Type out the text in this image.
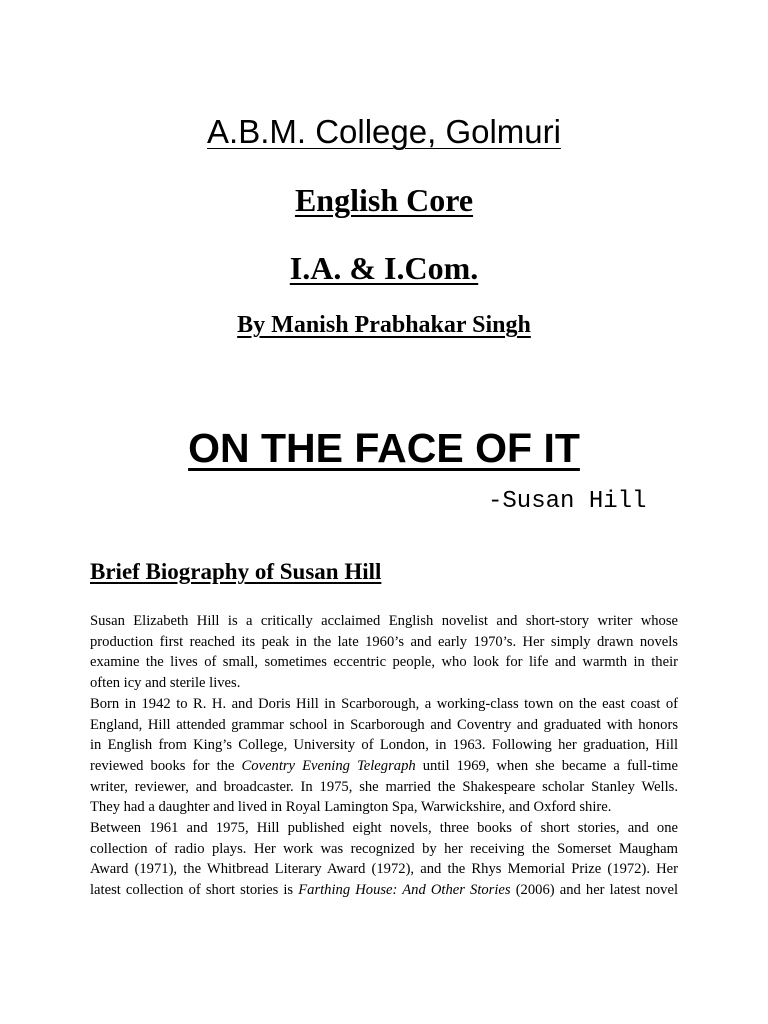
A.B.M. College, Golmuri
English Core
I.A. & I.Com.
By Manish Prabhakar Singh
ON THE FACE OF IT
-Susan Hill
Brief Biography of Susan Hill

Susan Elizabeth Hill is a critically acclaimed English novelist and short-story writer whose
production first reached its peak in the late 1960’s and early 1970’s. Her simply drawn novels
examine the lives of small, sometimes eccentric people, who look for life and warmth in their
often icy and sterile lives.

Born in 1942 to R. H. and Doris Hill in Scarborough, a working-class town on the east coast of
England, Hill attended grammar school in Scarborough and Coventry and graduated with honors
in English from King’s College, University of London, in 1963. Following her graduation, Hill
reviewed books for the Coventry Evening Telegraph until 1969, when she became a full-time
writer, reviewer, and broadcaster. In 1975, she married the Shakespeare scholar Stanley Wells.
They had a daughter and lived in Royal Lamington Spa, Warwickshire, and Oxford shire.

Between 1961 and 1975, Hill published eight novels, three books of short stories, and one
collection of radio plays. Her work was recognized by her receiving the Somerset Maugham
Award (1971), the Whitbread Literary Award (1972), and the Rhys Memorial Prize (1972). Her
latest collection of short stories is Farthing House: And Other Stories (2006) and her latest novel
